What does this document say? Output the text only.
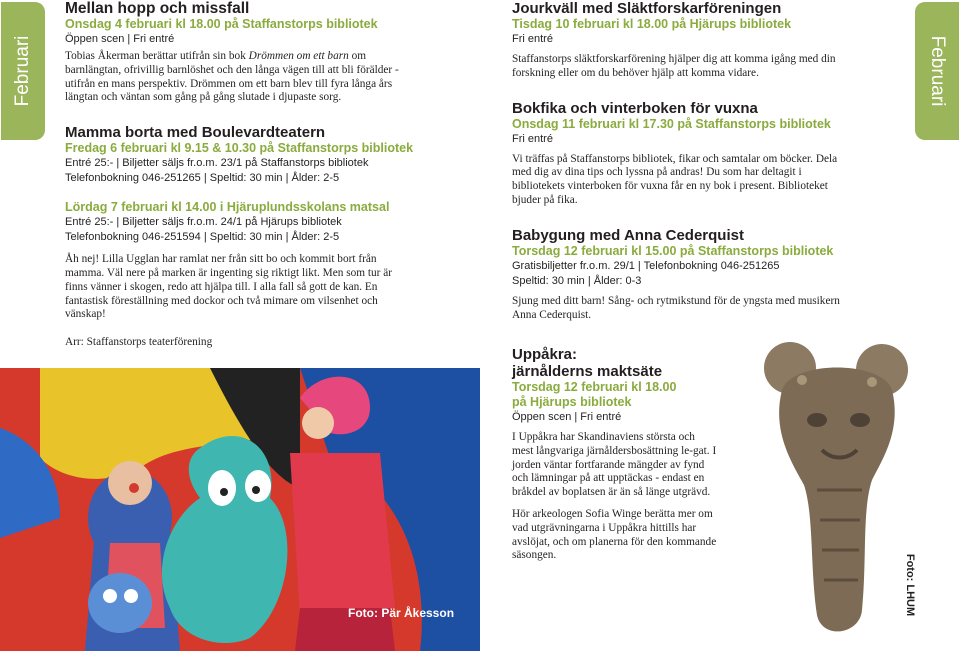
Februari	Februari

Mellan hopp och missfall

Onsdag 4 februari kl 18.00 på Staffanstorps bibliotek

Öppen scen | Fri entré

Tobias Åkerman berättar utifrån sin bok Drömmen om ett barn om barnlängtan, ofrivillig barnlöshet och den långa vägen till att bli förälder - utifrån en mans perspektiv. Drömmen om ett barn blev till fyra långa års längtan och väntan som gång på gång slutade i djupaste sorg.

Mamma borta med Boulevardteatern

Fredag 6 februari kl 9.15 & 10.30 på Staffanstorps bibliotek

Entré 25:- | Biljetter säljs fr.o.m. 23/1 på Staffanstorps bibliotek

Telefonbokning 046-251265 | Speltid: 30 min | Ålder: 2-5

Lördag 7 februari kl 14.00 i Hjäruplundsskolans matsal

Entré 25:- | Biljetter säljs fr.o.m. 24/1 på Hjärups bibliotek

Telefonbokning 046-251594 | Speltid: 30 min | Ålder: 2-5

Åh nej! Lilla Ugglan har ramlat ner från sitt bo och kommit bort från mamma. Väl nere på marken är ingenting sig riktigt likt. Men som tur är finns vänner i skogen, redo att hjälpa till. I alla fall så gott de kan. En fantastisk föreställning med dockor och två mimare om vilsenhet och vänskap!

Arr: Staffanstorps teaterförening

Foto: Pär Åkesson

Jourkväll med Släktforskarföreningen

Tisdag 10 februari kl 18.00 på Hjärups bibliotek

Fri entré

Staffanstorps släktforskarförening hjälper dig att komma igång med din forskning eller om du behöver hjälp att komma vidare.

Bokfika och vinterboken för vuxna

Onsdag 11 februari kl 17.30 på Staffanstorps bibliotek

Fri entré

Vi träffas på Staffanstorps bibliotek, fikar och samtalar om böcker. Dela med dig av dina tips och lyssna på andras! Du som har deltagit i bibliotekets vinterboken för vuxna får en ny bok i present. Biblioteket bjuder på fika.

Babygung med Anna Cederquist

Torsdag 12 februari kl 15.00 på Staffanstorps bibliotek

Gratisbiljetter fr.o.m. 29/1 | Telefonbokning 046-251265

Speltid: 30 min | Ålder: 0-3

Sjung med ditt barn! Sång- och rytmikstund för de yngsta med musikern Anna Cederquist.

Uppåkra:

järnålderns maktsäte

Torsdag 12 februari kl 18.00

på Hjärups bibliotek

Öppen scen | Fri entré

I Uppåkra har Skandinaviens största och mest långvariga järnåldersbosättning le-gat. I jorden väntar fortfarande mängder av fynd och lämningar på att upptäckas - endast en bråkdel av boplatsen är än så länge utgrävd.

Hör arkeologen Sofia Winge berätta mer om vad utgrävningarna i Uppåkra hittills har avslöjat, och om planerna för den kommande säsongen.	Foto: LHUM
